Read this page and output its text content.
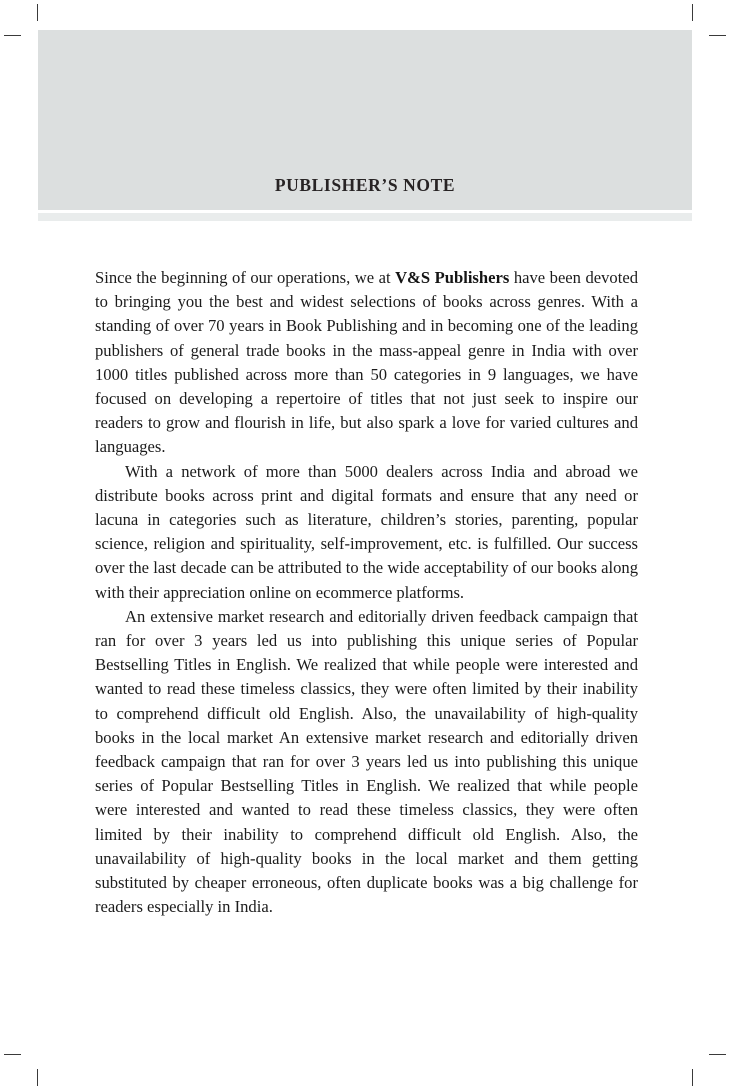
PUBLISHER’S NOTE

Since the beginning of our operations, we at V&S Publishers have been devoted to bringing you the best and widest selections of books across genres. With a standing of over 70 years in Book Publishing and in becoming one of the leading publishers of general trade books in the mass-appeal genre in India with over 1000 titles published across more than 50 categories in 9 languages, we have focused on developing a repertoire of titles that not just seek to inspire our readers to grow and flourish in life, but also spark a love for varied cultures and languages.

With a network of more than 5000 dealers across India and abroad we distribute books across print and digital formats and ensure that any need or lacuna in categories such as literature, children’s stories, parenting, popular science, religion and spirituality, self-improvement, etc. is fulfilled. Our success over the last decade can be attributed to the wide acceptability of our books along with their appreciation online on ecommerce platforms.

An extensive market research and editorially driven feedback campaign that ran for over 3 years led us into publishing this unique series of Popular Bestselling Titles in English. We realized that while people were interested and wanted to read these timeless classics, they were often limited by their inability to comprehend difficult old English. Also, the unavailability of high-quality books in the local market An extensive market research and editorially driven feedback campaign that ran for over 3 years led us into publishing this unique series of Popular Bestselling Titles in English. We realized that while people were interested and wanted to read these timeless classics, they were often limited by their inability to comprehend difficult old English. Also, the unavailability of high-quality books in the local market and them getting substituted by cheaper erroneous, often duplicate books was a big challenge for readers especially in India.
